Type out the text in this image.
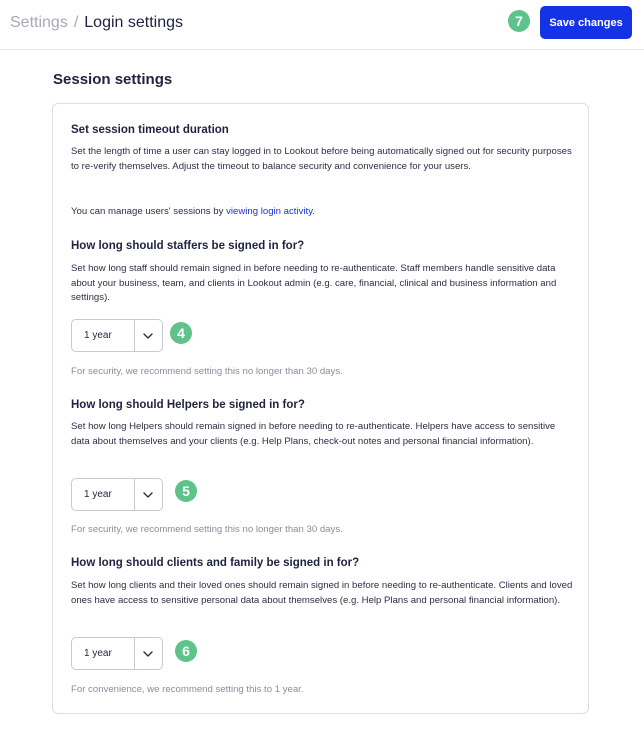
Settings / Login settings	7	Save changes
Session settings
Set session timeout duration
Set the length of time a user can stay logged in to Lookout before being automatically signed out for security purposes to re-verify themselves. Adjust the timeout to balance security and convenience for your users.
You can manage users' sessions by viewing login activity.
How long should staffers be signed in for?
Set how long staff should remain signed in before needing to re-authenticate. Staff members handle sensitive data about your business, team, and clients in Lookout admin (e.g. care, financial, clinical and business information and settings).
1 year	4
For security, we recommend setting this no longer than 30 days.
How long should Helpers be signed in for?
Set how long Helpers should remain signed in before needing to re-authenticate. Helpers have access to sensitive data about themselves and your clients (e.g. Help Plans, check-out notes and personal financial information).
1 year	5
For security, we recommend setting this no longer than 30 days.
How long should clients and family be signed in for?
Set how long clients and their loved ones should remain signed in before needing to re-authenticate. Clients and loved ones have access to sensitive personal data about themselves (e.g. Help Plans and personal financial information).
1 year	6
For convenience, we recommend setting this to 1 year.
